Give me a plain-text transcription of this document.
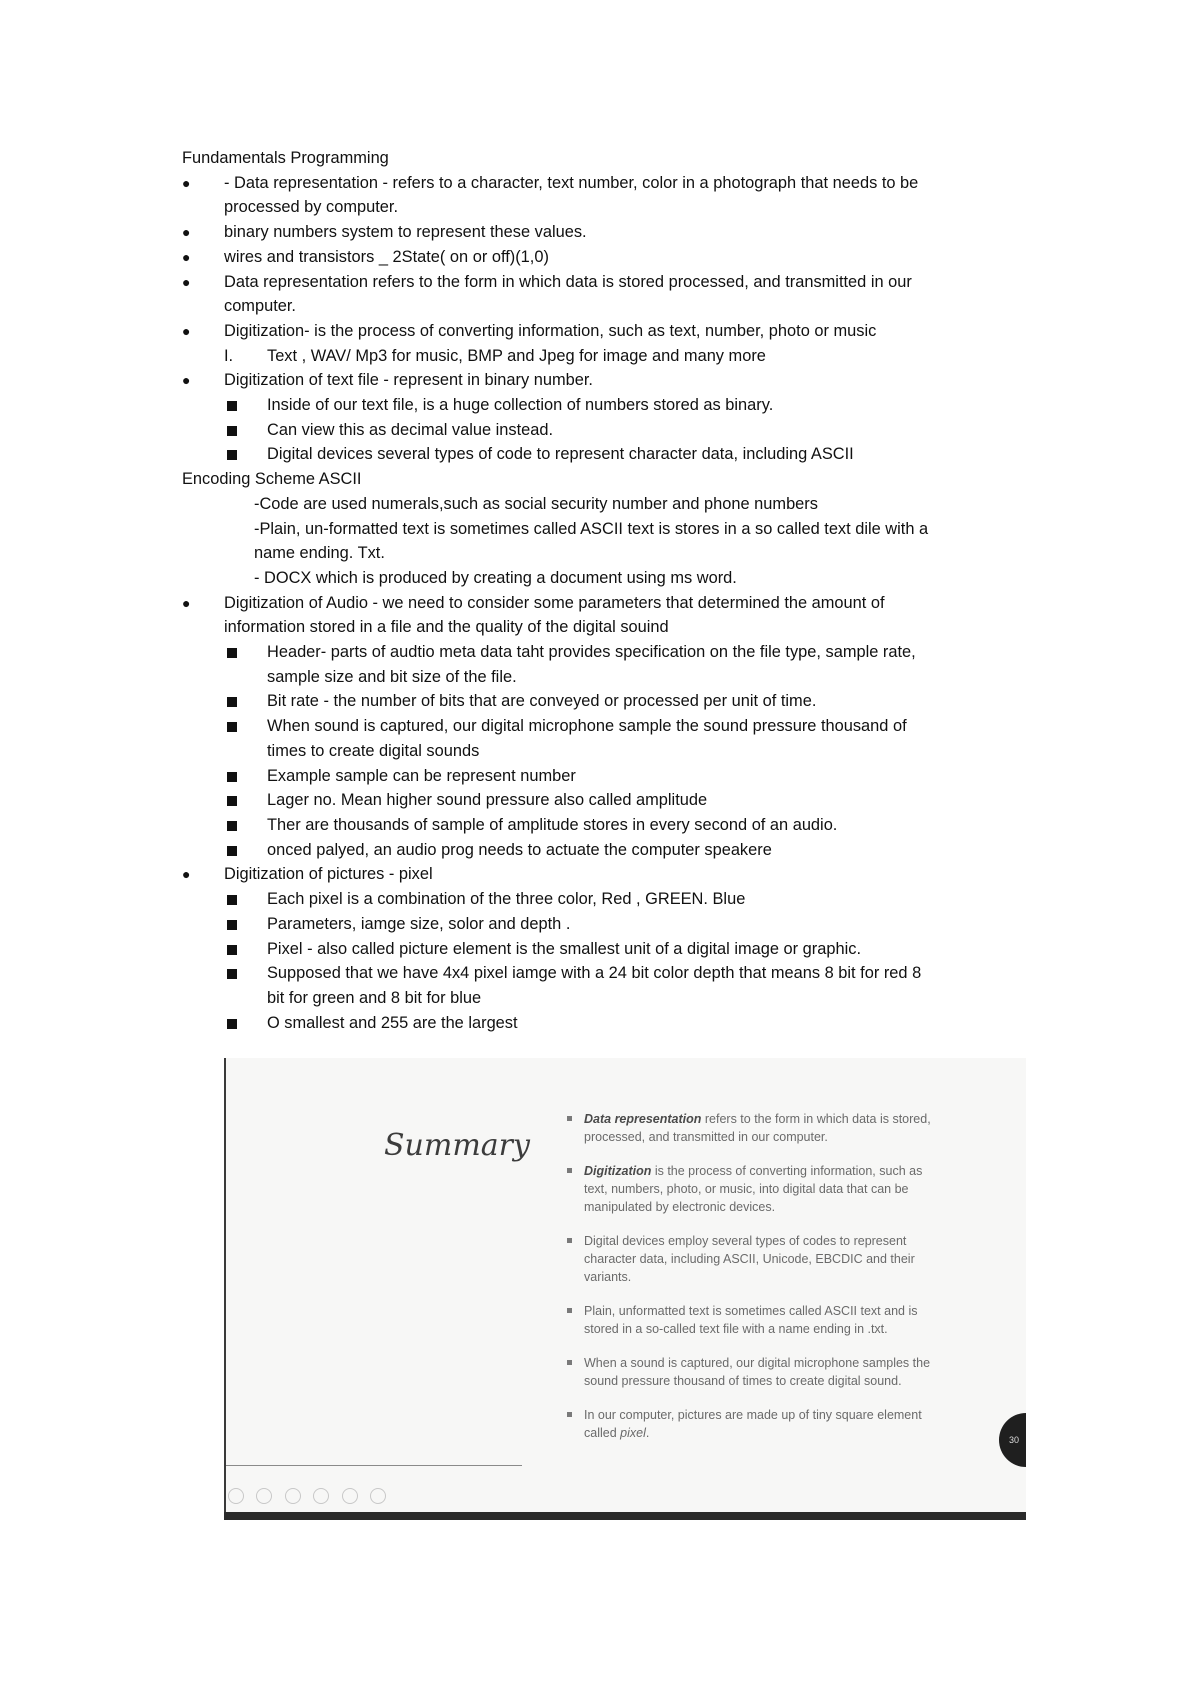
Fundamentals Programming
● - Data representation - refers to a character, text number, color in a photograph that needs to be
processed by computer.
● binary numbers system to represent these values.
● wires and transistors _ 2State( on or off)(1,0)
● Data representation refers to the form in which data is stored processed, and transmitted in our
computer.
● Digitization- is the process of converting information, such as text, number, photo or music
I. Text , WAV/ Mp3 for music, BMP and Jpeg for image and many more
● Digitization of text file - represent in binary number.
Inside of our text file, is a huge collection of numbers stored as binary.
Can view this as decimal value instead.
Digital devices several types of code to represent character data, including ASCII
Encoding Scheme ASCII
-Code are used numerals,such as social security number and phone numbers
-Plain, un-formatted text is sometimes called ASCII text is stores in a so called text dile with a
name ending. Txt.
- DOCX which is produced by creating a document using ms word.
● Digitization of Audio - we need to consider some parameters that determined the amount of
information stored in a file and the quality of the digital souind
Header- parts of audtio meta data taht provides specification on the file type, sample rate,
sample size and bit size of the file.
Bit rate - the number of bits that are conveyed or processed per unit of time.
When sound is captured, our digital microphone sample the sound pressure thousand of
times to create digital sounds
Example sample can be represent number
Lager no. Mean higher sound pressure also called amplitude
Ther are thousands of sample of amplitude stores in every second of an audio.
onced palyed, an audio prog needs to actuate the computer speakere
● Digitization of pictures - pixel
Each pixel is a combination of the three color, Red , GREEN. Blue
Parameters, iamge size, solor and depth .
Pixel - also called picture element is the smallest unit of a digital image or graphic.
Supposed that we have 4x4 pixel iamge with a 24 bit color depth that means 8 bit for red 8
bit for green and 8 bit for blue
O smallest and 255 are the largest
Summary
Data representation refers to the form in which data is stored, processed, and transmitted in our computer.
Digitization is the process of converting information, such as text, numbers, photo, or music, into digital data that can be manipulated by electronic devices.
Digital devices employ several types of codes to represent character data, including ASCII, Unicode, EBCDIC and their variants.
Plain, unformatted text is sometimes called ASCII text and is stored in a so-called text file with a name ending in .txt.
When a sound is captured, our digital microphone samples the sound pressure thousand of times to create digital sound.
In our computer, pictures are made up of tiny square element called pixel.	30
